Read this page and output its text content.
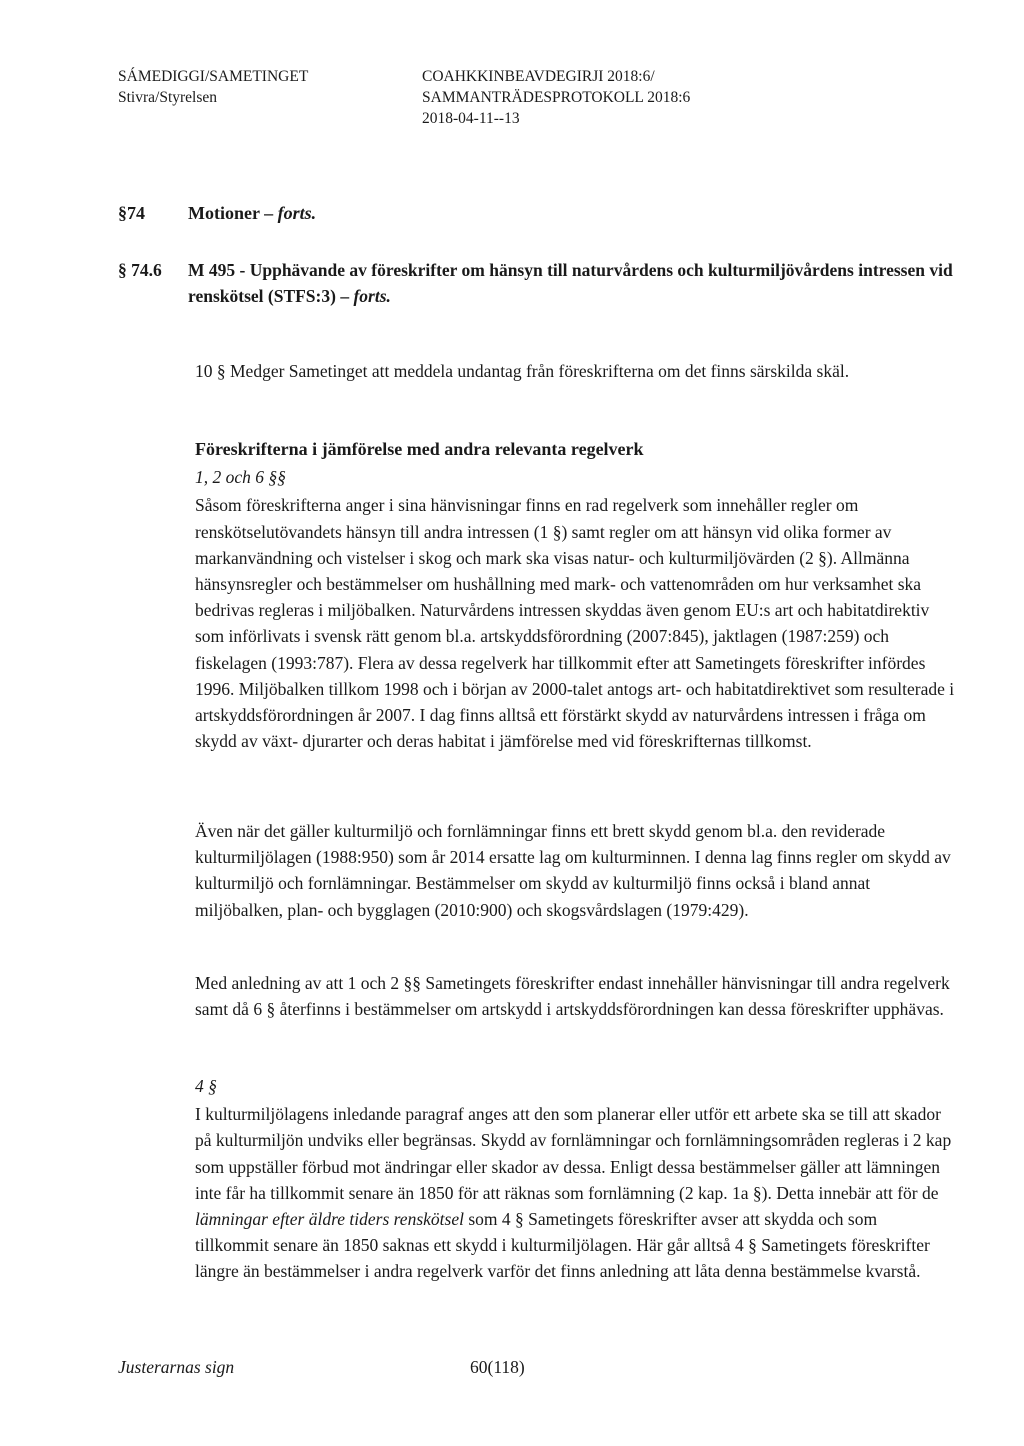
SÁMEDIGGI/SAMETINGET
Stivra/Styrelsen
COAHKKINBEAVDEGIRJI 2018:6/
SAMMANTRÄDESPROTOKOLL 2018:6
2018-04-11--13
§74 Motioner – forts.
§ 74.6 M 495 - Upphävande av föreskrifter om hänsyn till naturvårdens och kulturmiljövårdens intressen vid renskötsel (STFS:3) – forts.

10 § Medger Sametinget att meddela undantag från föreskrifterna om det finns särskilda skäl.

Föreskrifterna i jämförelse med andra relevanta regelverk

1, 2 och 6 §§

Såsom föreskrifterna anger i sina hänvisningar finns en rad regelverk som innehåller regler om renskötselutövandets hänsyn till andra intressen (1 §) samt regler om att hänsyn vid olika former av markanvändning och vistelser i skog och mark ska visas natur- och kulturmiljövärden (2 §). Allmänna hänsynsregler och bestämmelser om hushållning med mark- och vattenområden om hur verksamhet ska bedrivas regleras i miljöbalken. Naturvårdens intressen skyddas även genom EU:s art och habitatdirektiv som införlivats i svensk rätt genom bl.a. artskyddsförordning (2007:845), jaktlagen (1987:259) och fiskelagen (1993:787). Flera av dessa regelverk har tillkommit efter att Sametingets föreskrifter infördes 1996. Miljöbalken tillkom 1998 och i början av 2000-talet antogs art- och habitatdirektivet som resulterade i artskyddsförordningen år 2007. I dag finns alltså ett förstärkt skydd av naturvårdens intressen i fråga om skydd av växt- djurarter och deras habitat i jämförelse med vid föreskrifternas tillkomst.

Även när det gäller kulturmiljö och fornlämningar finns ett brett skydd genom bl.a. den reviderade kulturmiljölagen (1988:950) som år 2014 ersatte lag om kulturminnen. I denna lag finns regler om skydd av kulturmiljö och fornlämningar. Bestämmelser om skydd av kulturmiljö finns också i bland annat miljöbalken, plan- och bygglagen (2010:900) och skogsvårdslagen (1979:429).

Med anledning av att 1 och 2 §§ Sametingets föreskrifter endast innehåller hänvisningar till andra regelverk samt då 6 § återfinns i bestämmelser om artskydd i artskyddsförordningen kan dessa föreskrifter upphävas.

4 §

I kulturmiljölagens inledande paragraf anges att den som planerar eller utför ett arbete ska se till att skador på kulturmiljön undviks eller begränsas. Skydd av fornlämningar och fornlämningsområden regleras i 2 kap som uppställer förbud mot ändringar eller skador av dessa. Enligt dessa bestämmelser gäller att lämningen inte får ha tillkommit senare än 1850 för att räknas som fornlämning (2 kap. 1a §). Detta innebär att för de lämningar efter äldre tiders renskötsel som 4 § Sametingets föreskrifter avser att skydda och som tillkommit senare än 1850 saknas ett skydd i kulturmiljölagen. Här går alltså 4 § Sametingets föreskrifter längre än bestämmelser i andra regelverk varför det finns anledning att låta denna bestämmelse kvarstå.

Justerarnas sign	60(118)
